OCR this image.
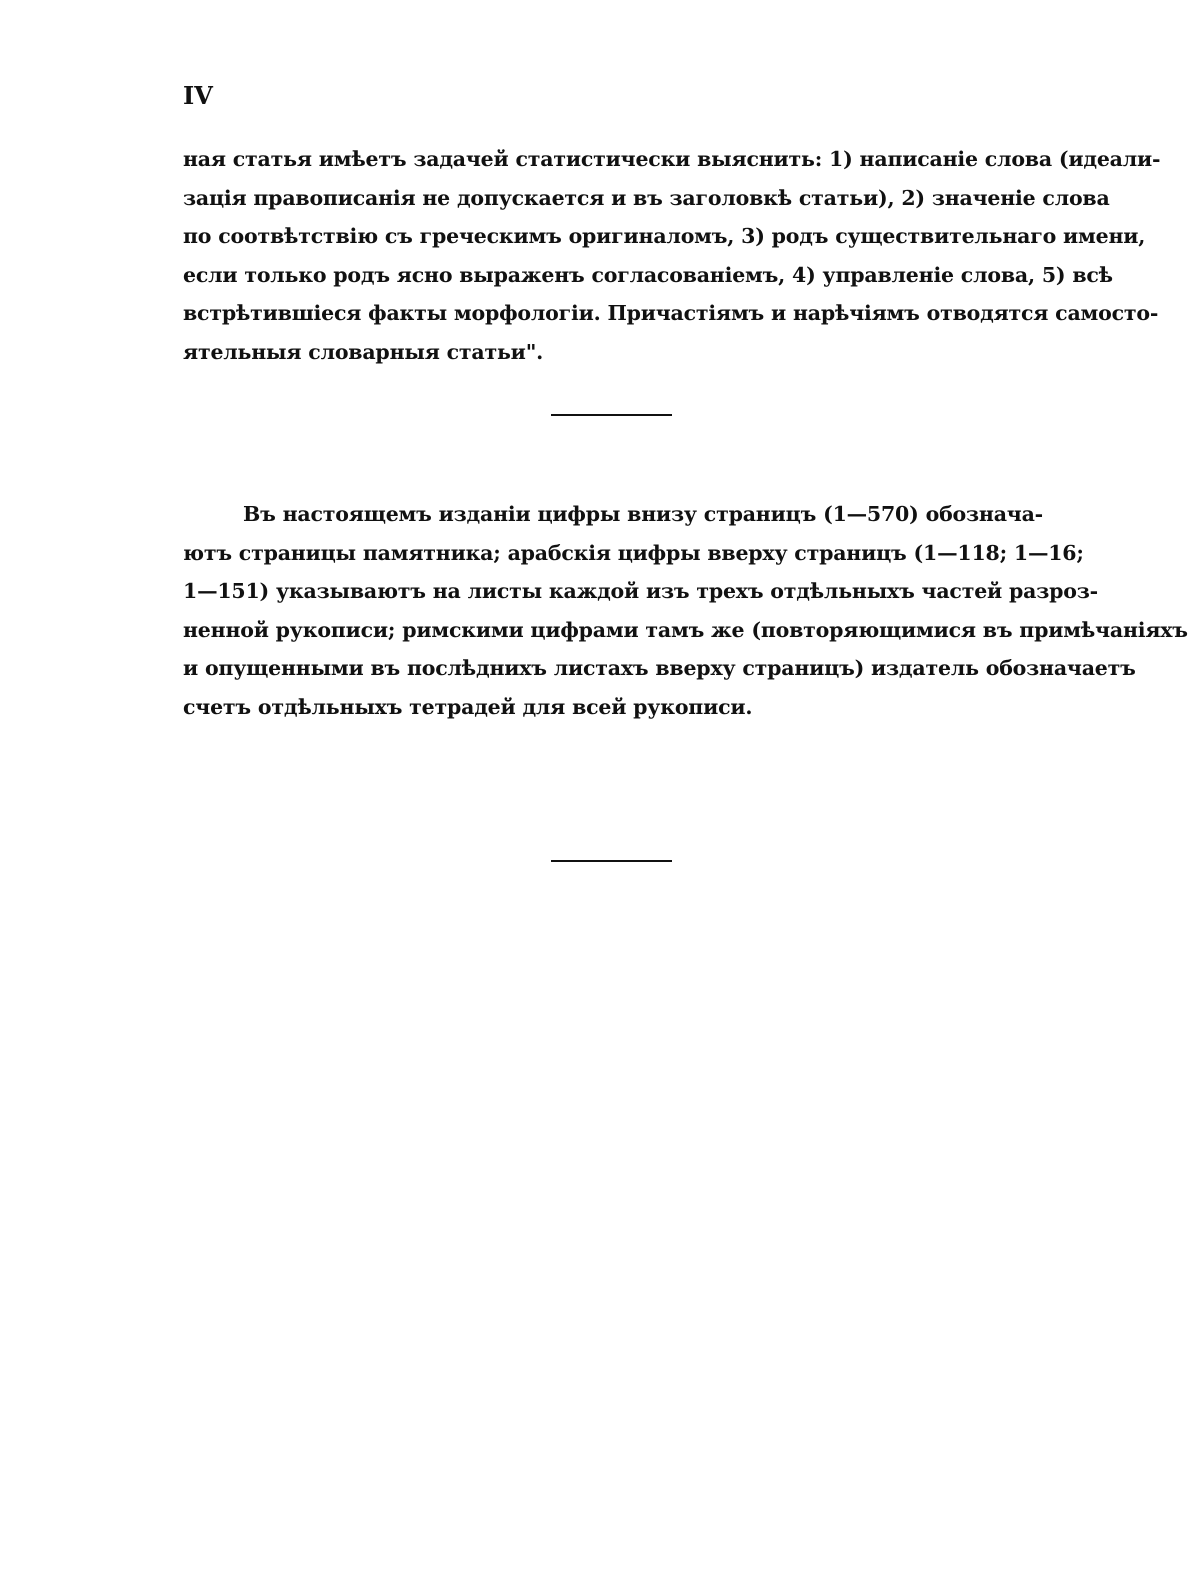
IV

ная статья имѣетъ задачей статистически выяснить: 1) написаніе слова (идеали-
зація правописанія не допускается и въ заголовкѣ статьи), 2) значеніе слова
по соотвѣтствію съ греческимъ оригиналомъ, 3) родъ существительнаго имени,
если только родъ ясно выраженъ согласованіемъ, 4) управленіе слова, 5) всѣ
встрѣтившіеся факты морфологіи. Причастіямъ и нарѣчіямъ отводятся самосто-
ятельныя словарныя статьи".

Въ настоящемъ изданіи цифры внизу страницъ (1—570) обознача-
ютъ страницы памятника; арабскія цифры вверху страницъ (1—118; 1—16;
1—151) указываютъ на листы каждой изъ трехъ отдѣльныхъ частей разроз-
ненной рукописи; римскими цифрами тамъ же (повторяющимися въ примѣчаніяхъ
и опущенными въ послѣднихъ листахъ вверху страницъ) издатель обозначаетъ
счетъ отдѣльныхъ тетрадей для всей рукописи.
